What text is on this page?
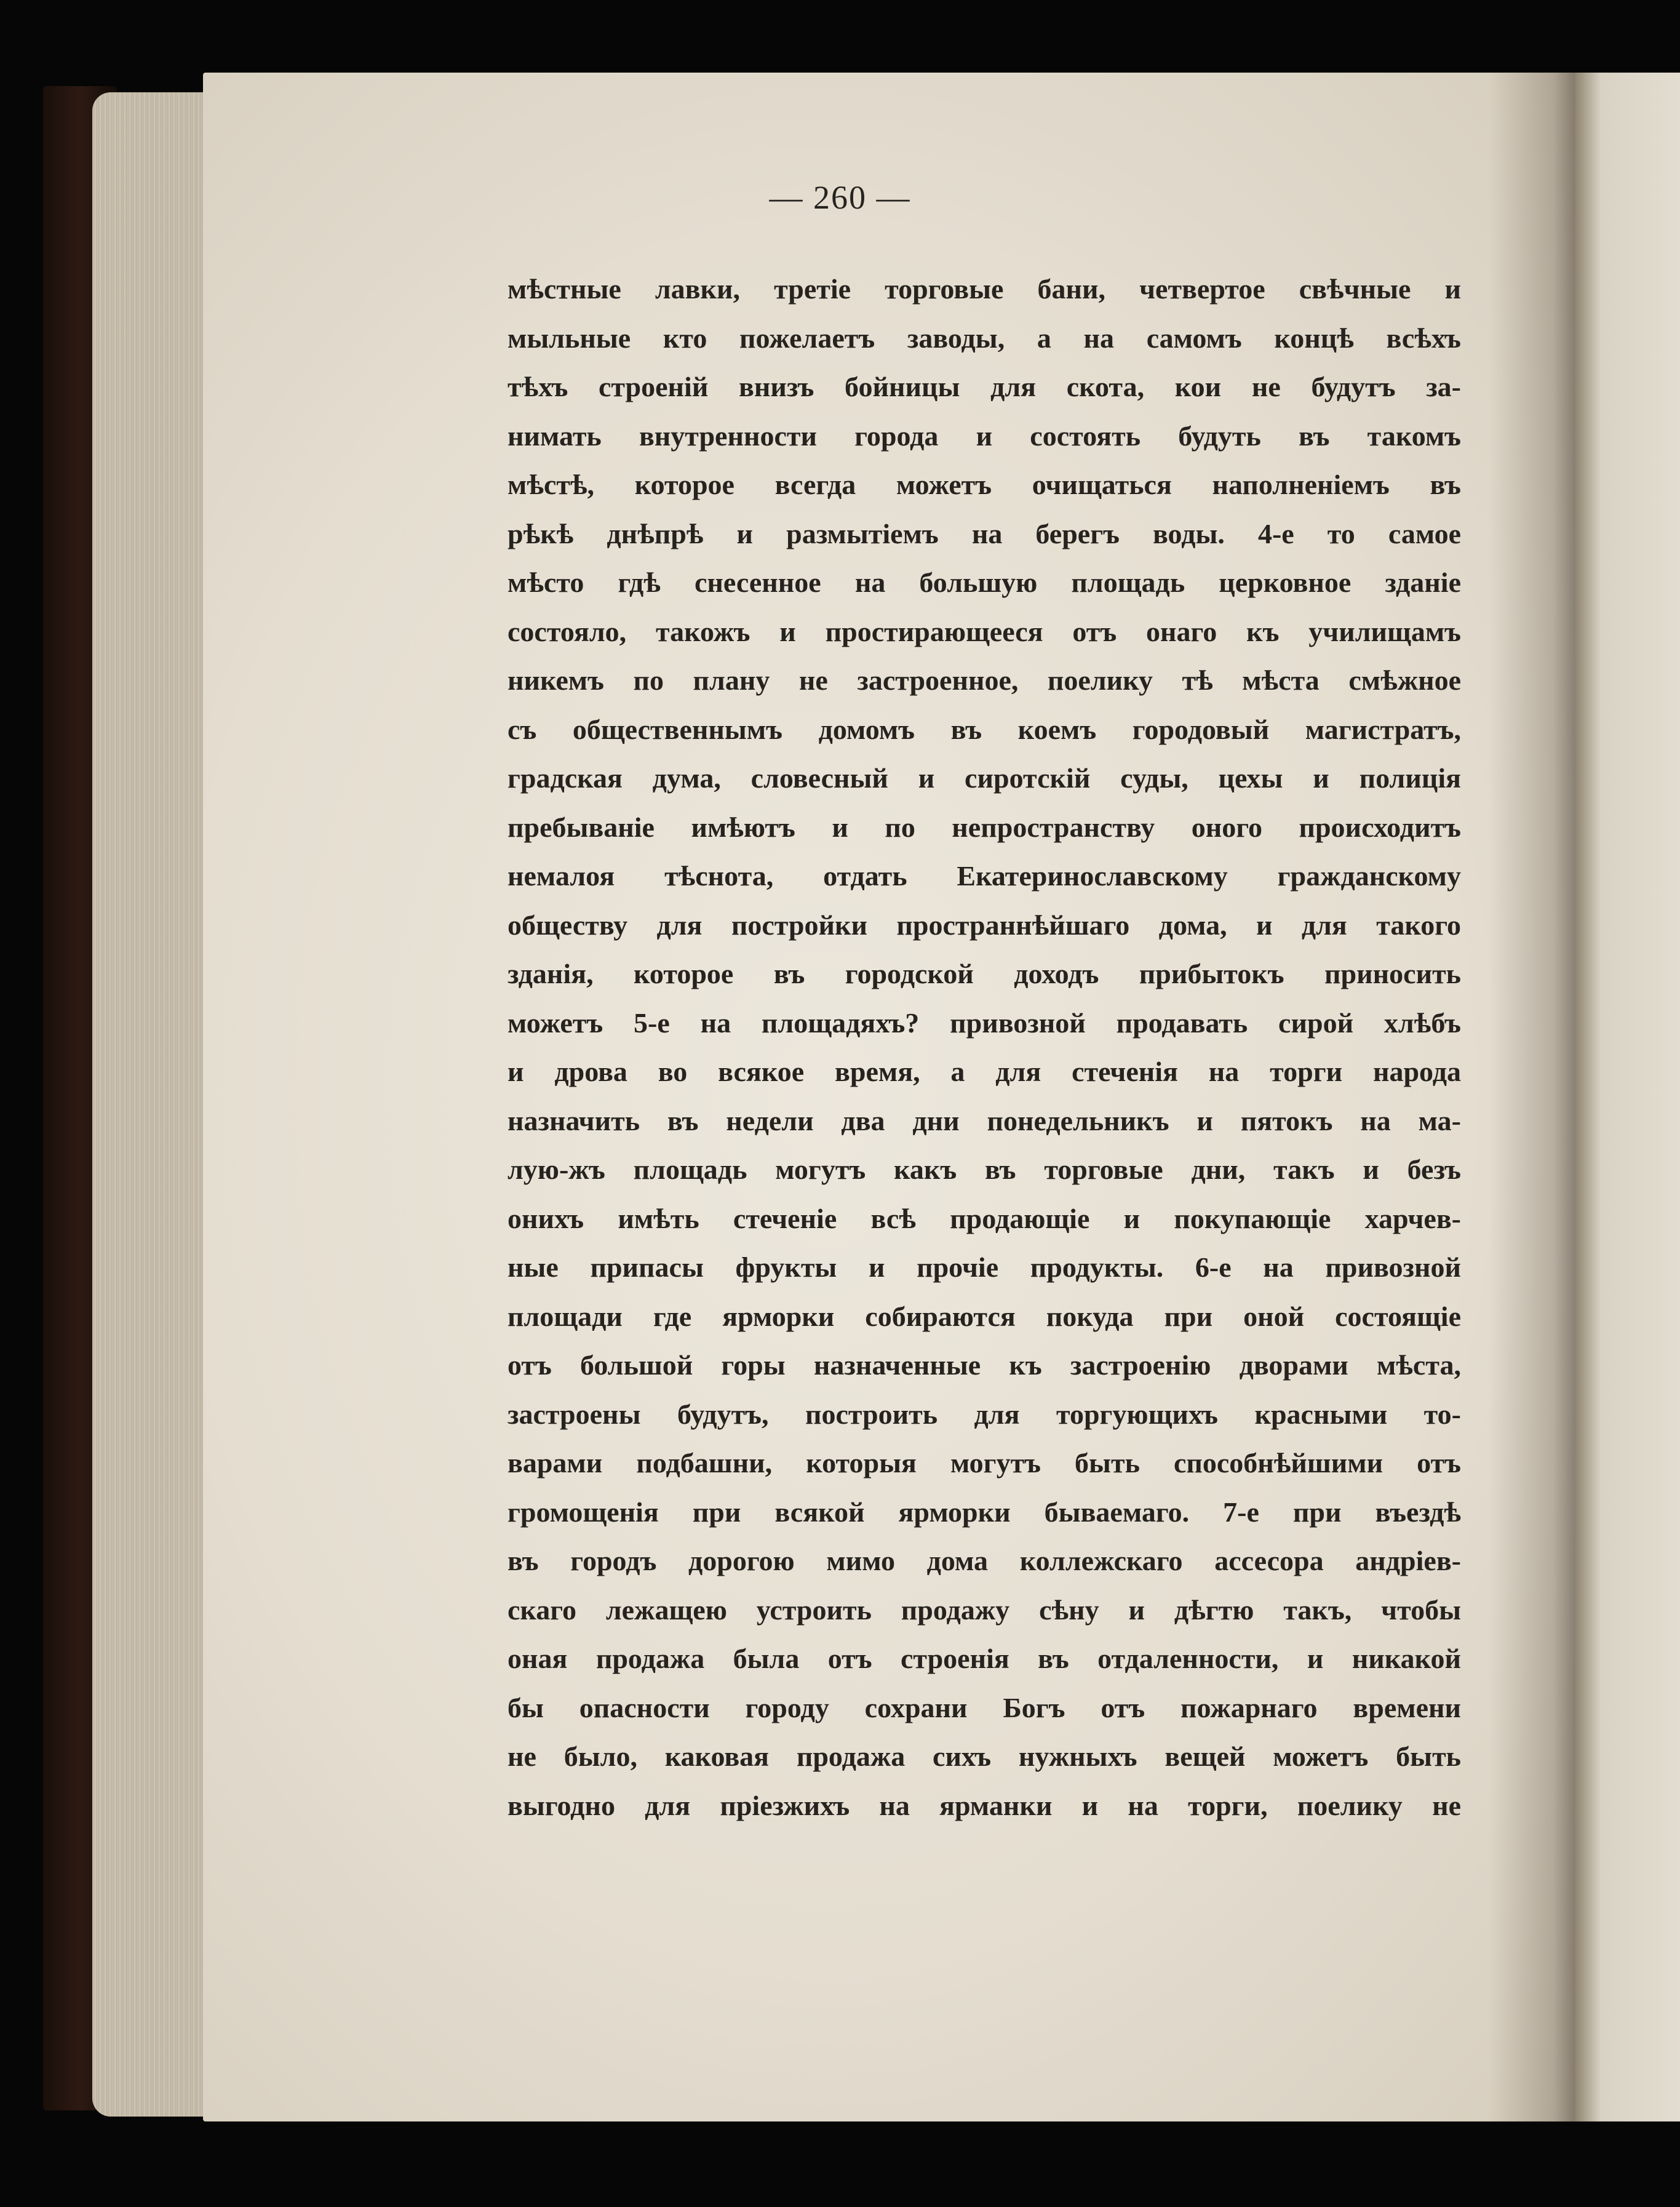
— 260 —
мѣстные лавки, третіе торговые бани, четвертое свѣчные и
мыльные кто пожелаетъ заводы, а на самомъ концѣ всѣхъ
тѣхъ строеній внизъ бойницы для скота, кои не будутъ за-
нимать внутренности города и состоять будуть въ такомъ
мѣстѣ, которое всегда можетъ очищаться наполненіемъ въ
рѣкѣ днѣпрѣ и размытіемъ на берегъ воды. 4-е то самое
мѣсто гдѣ снесенное на большую площадь церковное зданіе
состояло, такожъ и простирающееся отъ онаго къ училищамъ
никемъ по плану не застроенное, поелику тѣ мѣста смѣжное
съ общественнымъ домомъ въ коемъ городовый магистратъ,
градская дума, словесный и сиротскій суды, цехы и полиція
пребываніе имѣютъ и по непространству оного происходитъ
немалоя тѣснота, отдать Екатеринославскому гражданскому
обществу для постройки пространнѣйшаго дома, и для такого
зданія, которое въ городской доходъ прибытокъ приносить
можетъ 5-е на площадяхъ? привозной продавать сирой хлѣбъ
и дрова во всякое время, а для стеченія на торги народа
назначить въ недели два дни понедельникъ и пятокъ на ма-
лую-жъ площадь могутъ какъ въ торговые дни, такъ и безъ
онихъ имѣть стеченіе всѣ продающіе и покупающіе харчев-
ные припасы фрукты и прочіе продукты. 6-е на привозной
площади где ярморки собираются покуда при оной состоящіе
отъ большой горы назначенные къ застроенію дворами мѣста,
застроены будутъ, построить для торгующихъ красными то-
варами подбашни, которыя могутъ быть способнѣйшими отъ
громощенія при всякой ярморки бываемаго. 7-е при въездѣ
въ городъ дорогою мимо дома коллежскаго ассесора андріев-
скаго лежащею устроить продажу сѣну и дѣгтю такъ, чтобы
оная продажа была отъ строенія въ отдаленности, и никакой
бы опасности городу сохрани Богъ отъ пожарнаго времени
не было, каковая продажа сихъ нужныхъ вещей можетъ быть
выгодно для пріезжихъ на ярманки и на торги, поелику не
